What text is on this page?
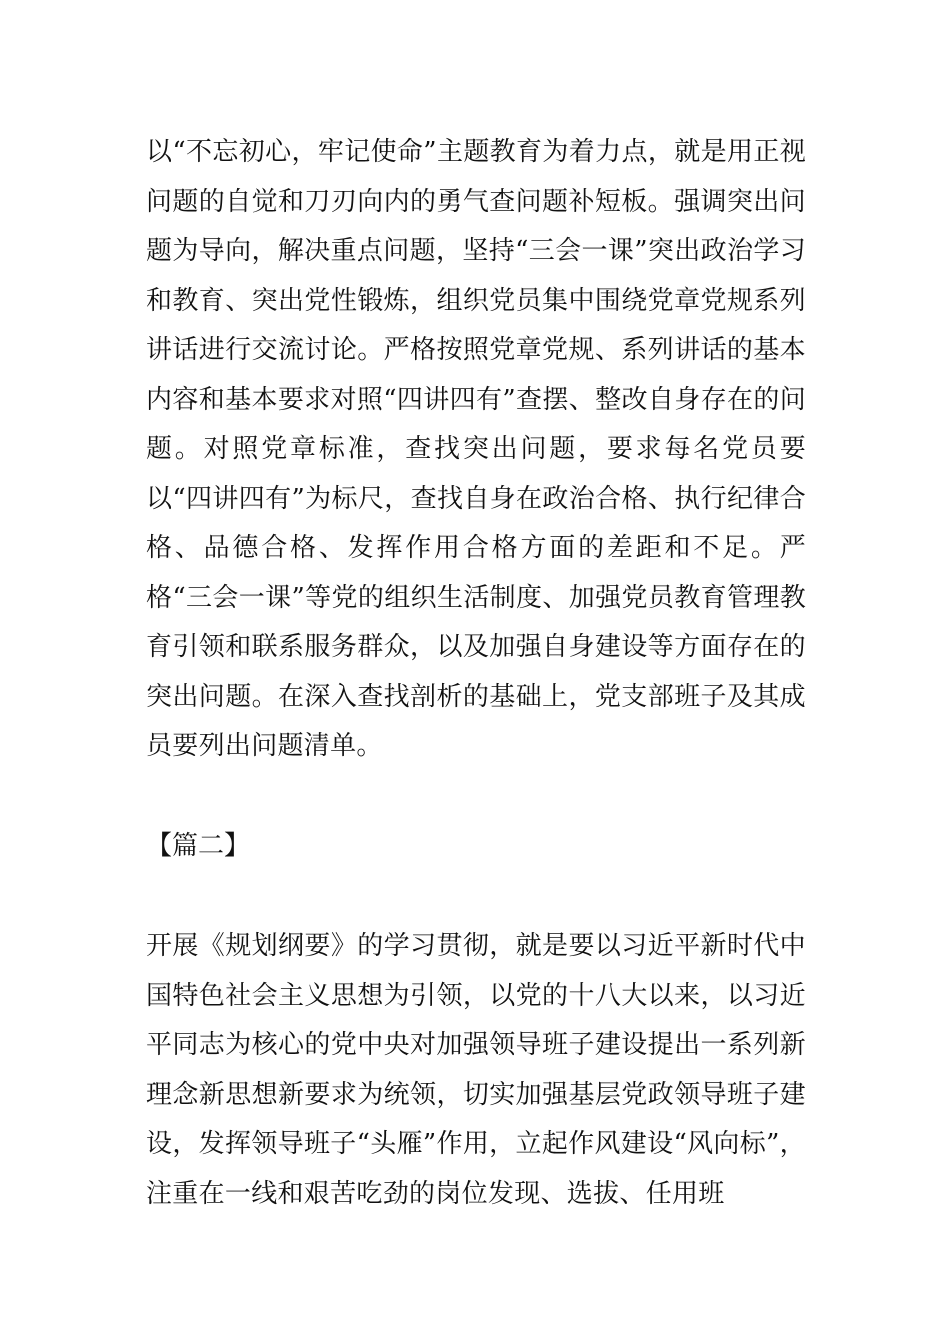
以“不忘初心，牢记使命”主题教育为着力点，就是用正视问题的自觉和刀刃向内的勇气查问题补短板。强调突出问题为导向，解决重点问题，坚持“三会一课”突出政治学习和教育、突出党性锻炼，组织党员集中围绕党章党规系列讲话进行交流讨论。严格按照党章党规、系列讲话的基本内容和基本要求对照“四讲四有”查摆、整改自身存在的问题。对照党章标准，查找突出问题，要求每名党员要以“四讲四有”为标尺，查找自身在政治合格、执行纪律合格、品德合格、发挥作用合格方面的差距和不足。严格“三会一课”等党的组织生活制度、加强党员教育管理教育引领和联系服务群众，以及加强自身建设等方面存在的突出问题。在深入查找剖析的基础上，党支部班子及其成员要列出问题清单。

【篇二】

开展《规划纲要》的学习贯彻，就是要以习近平新时代中国特色社会主义思想为引领，以党的十八大以来，以习近平同志为核心的党中央对加强领导班子建设提出一系列新理念新思想新要求为统领，切实加强基层党政领导班子建设，发挥领导班子“头雁”作用，立起作风建设“风向标”，注重在一线和艰苦吃劲的岗位发现、选拔、任用班
